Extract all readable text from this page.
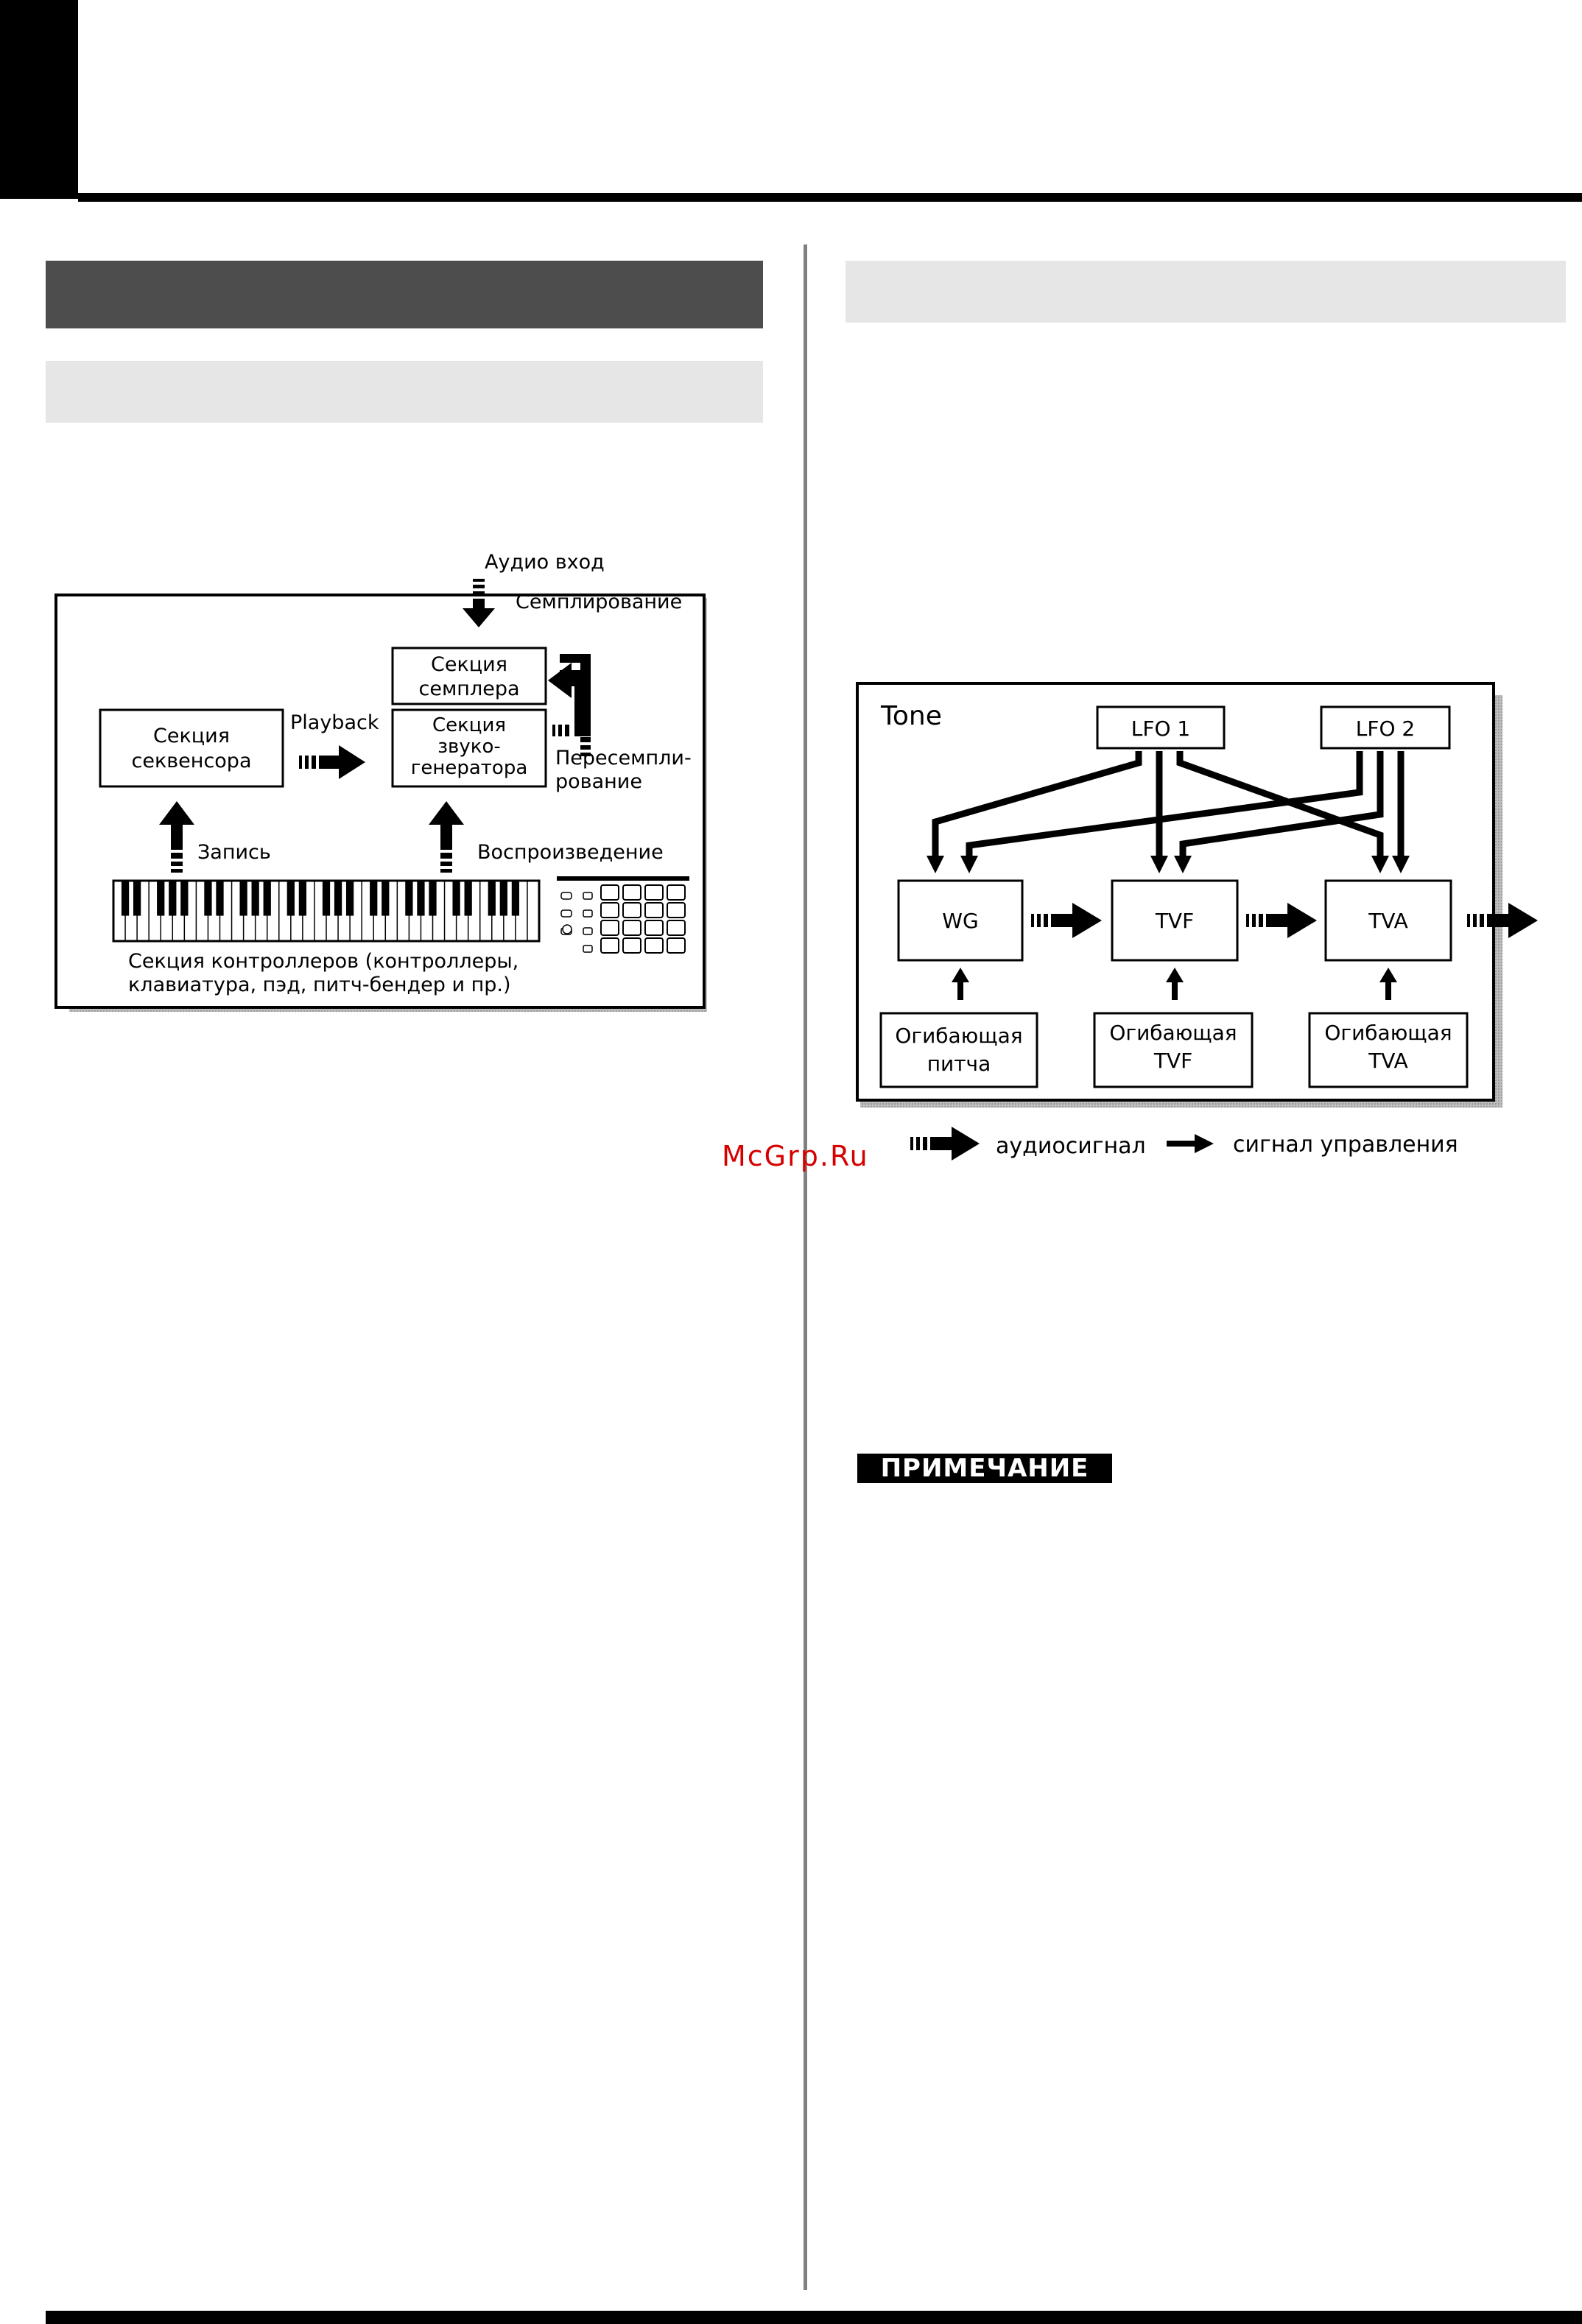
Аудио вход
Семплирование
Секция
семплера
Секция
звуко-
генератора
Секция
секвенсора
Playback
Пересемпли-
рование
Запись	Воспроизведение
Секция контроллеров (контроллеры,
клавиатура, пэд, питч-бендер и пр.)
Tone	LFO 1	LFO 2
WG	TVF	TVA
Огибающая
питча
Огибающая
TVF
Огибающая
TVA
аудиосигнал	сигнал управления
McGrp.Ru
ПРИМЕЧАНИЕ
